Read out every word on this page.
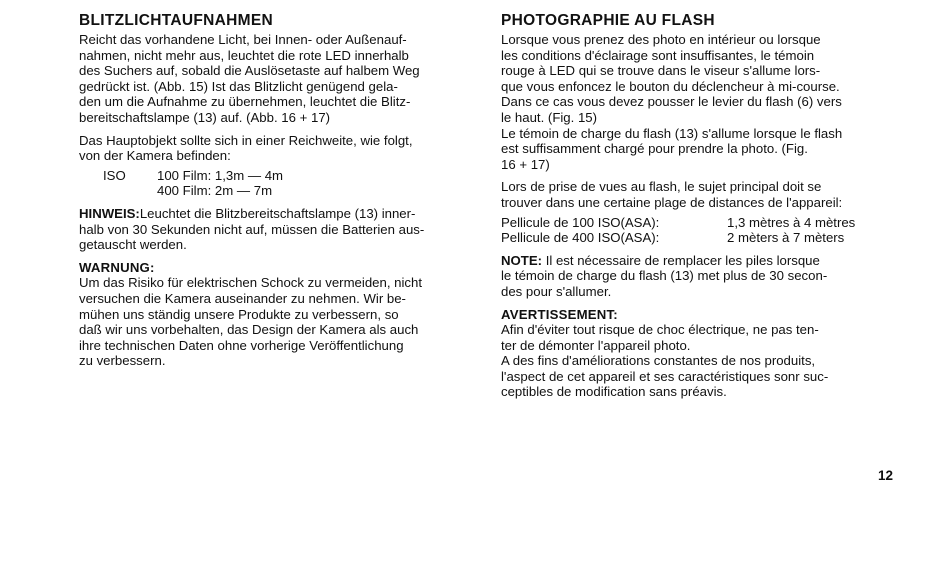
BLITZLICHTAUFNAHMEN

Reicht das vorhandene Licht, bei Innen- oder Außenauf-
nahmen, nicht mehr aus, leuchtet die rote LED innerhalb
des Suchers auf, sobald die Auslösetaste auf halbem Weg
gedrückt ist. (Abb. 15) Ist das Blitzlicht genügend gela-
den um die Aufnahme zu übernehmen, leuchtet die Blitz-
bereitschaftslampe (13) auf. (Abb. 16 + 17)

Das Hauptobjekt sollte sich in einer Reichweite, wie folgt,
von der Kamera befinden:

ISO	100 Film: 1,3m — 4m
	400 Film: 2m — 7m

HINWEIS:Leuchtet die Blitzbereitschaftslampe (13) inner-
halb von 30 Sekunden nicht auf, müssen die Batterien aus-
getauscht werden.

WARNUNG:

Um das Risiko für elektrischen Schock zu vermeiden, nicht
versuchen die Kamera auseinander zu nehmen. Wir be-
mühen uns ständig unsere Produkte zu verbessern, so
daß wir uns vorbehalten, das Design der Kamera als auch
ihre technischen Daten ohne vorherige Veröffentlichung
zu verbessern.

PHOTOGRAPHIE AU FLASH

Lorsque vous prenez des photo en intérieur ou lorsque
les conditions d'éclairage sont insuffisantes, le témoin
rouge à LED qui se trouve dans le viseur s'allume lors-
que vous enfoncez le bouton du déclencheur à mi-course.
Dans ce cas vous devez pousser le levier du flash (6) vers
le haut. (Fig. 15)
Le témoin de charge du flash (13) s'allume lorsque le flash
est suffisamment chargé pour prendre la photo. (Fig.
16 + 17)

Lors de prise de vues au flash, le sujet principal doit se
trouver dans une certaine plage de distances de l'appareil:

Pellicule de 100 ISO(ASA):	1,3 mètres à 4 mètres
Pellicule de 400 ISO(ASA):	2 mèters à 7 mèters

NOTE: Il est nécessaire de remplacer les piles lorsque
le témoin de charge du flash (13) met plus de 30 secon-
des pour s'allumer.

AVERTISSEMENT:

Afin d'éviter tout risque de choc électrique, ne pas ten-
ter de démonter l'appareil photo.
A des fins d'améliorations constantes de nos produits,
l'aspect de cet appareil et ses caractéristiques sonr suc-
ceptibles de modification sans préavis.

12
